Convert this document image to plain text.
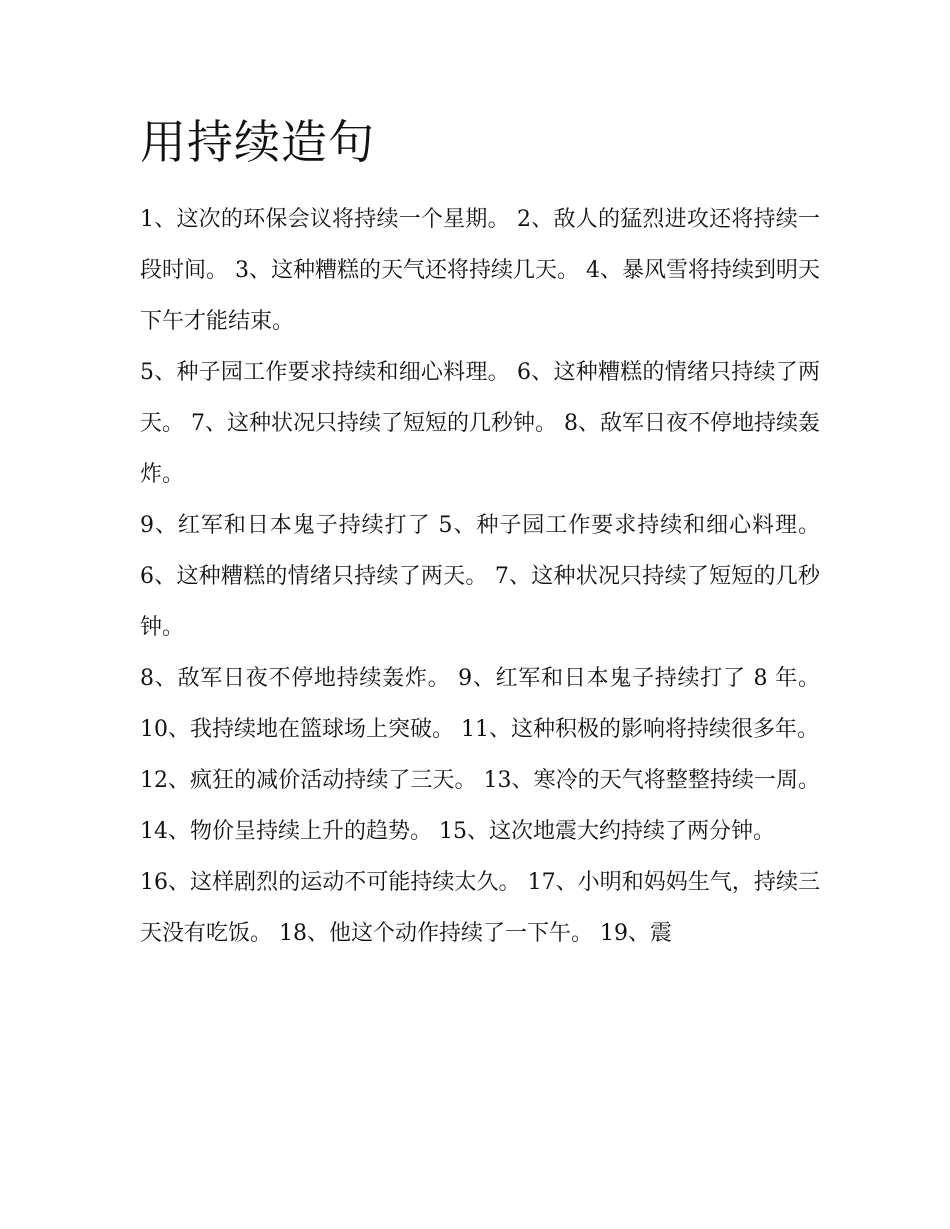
用持续造句

1、这次的环保会议将持续一个星期。 2、敌人的猛烈进攻还将持续一段时间。 3、这种糟糕的天气还将持续几天。 4、暴风雪将持续到明天下午才能结束。

5、种子园工作要求持续和细心料理。 6、这种糟糕的情绪只持续了两天。 7、这种状况只持续了短短的几秒钟。 8、敌军日夜不停地持续轰炸。

9、红军和日本鬼子持续打了 5、种子园工作要求持续和细心料理。 6、这种糟糕的情绪只持续了两天。 7、这种状况只持续了短短的几秒钟。

8、敌军日夜不停地持续轰炸。 9、红军和日本鬼子持续打了 8 年。 10、我持续地在篮球场上突破。 11、这种积极的影响将持续很多年。

12、疯狂的减价活动持续了三天。 13、寒冷的天气将整整持续一周。 14、物价呈持续上升的趋势。 15、这次地震大约持续了两分钟。

16、这样剧烈的运动不可能持续太久。 17、小明和妈妈生气，持续三天没有吃饭。 18、他这个动作持续了一下午。 19、震
